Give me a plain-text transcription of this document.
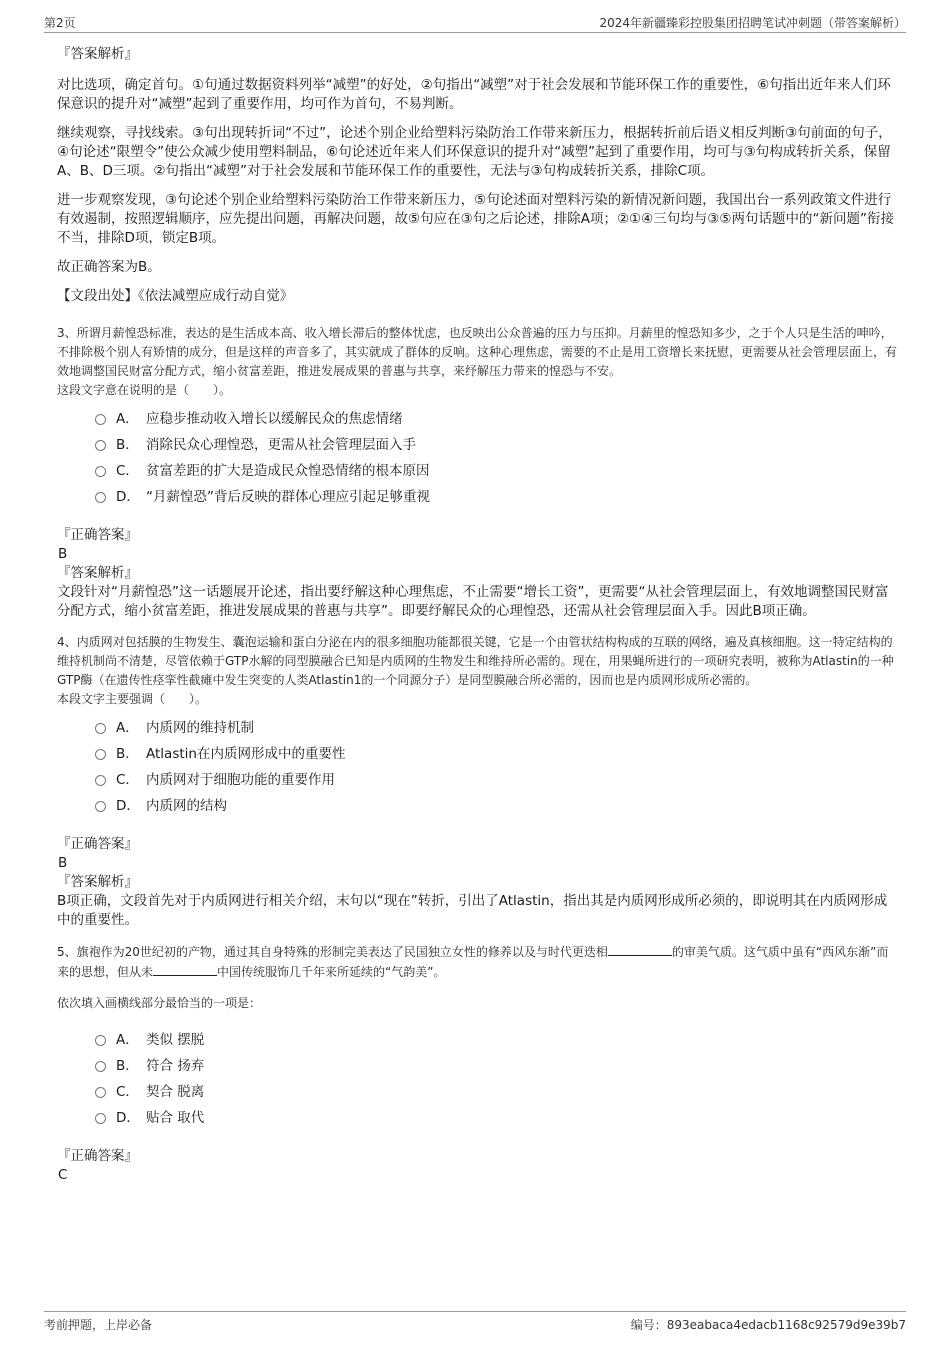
第2页	2024年新疆臻彩控股集团招聘笔试冲刺题（带答案解析）

『答案解析』

对比选项，确定首句。①句通过数据资料列举“减塑”的好处，②句指出“减塑”对于社会发展和节能环保工作的重要性，⑥句指出近年来人们环保意识的提升对“减塑”起到了重要作用，均可作为首句，不易判断。

继续观察，寻找线索。③句出现转折词“不过”，论述个别企业给塑料污染防治工作带来新压力，根据转折前后语义相反判断③句前面的句子，④句论述“限塑令”使公众减少使用塑料制品，⑥句论述近年来人们环保意识的提升对“减塑”起到了重要作用，均可与③句构成转折关系，保留A、B、D三项。②句指出“减塑”对于社会发展和节能环保工作的重要性，无法与③句构成转折关系，排除C项。

进一步观察发现，③句论述个别企业给塑料污染防治工作带来新压力，⑤句论述面对塑料污染的新情况新问题，我国出台一系列政策文件进行有效遏制，按照逻辑顺序，应先提出问题，再解决问题，故⑤句应在③句之后论述，排除A项；②①④三句均与③⑤两句话题中的“新问题”衔接不当，排除D项，锁定B项。

故正确答案为B。

【文段出处】《依法减塑应成行动自觉》

3、所谓月薪惶恐标准，表达的是生活成本高、收入增长滞后的整体忧虑，也反映出公众普遍的压力与压抑。月薪里的惶恐知多少，之于个人只是生活的呻吟，不排除极个别人有矫情的成分，但是这样的声音多了，其实就成了群体的反响。这种心理焦虑，需要的不止是用工资增长来抚慰，更需要从社会管理层面上，有效地调整国民财富分配方式，缩小贫富差距，推进发展成果的普惠与共享，来纾解压力带来的惶恐与不安。

这段文字意在说明的是（　　）。

A． 应稳步推动收入增长以缓解民众的焦虑情绪
B． 消除民众心理惶恐，更需从社会管理层面入手
C． 贫富差距的扩大是造成民众惶恐情绪的根本原因
D． “月薪惶恐”背后反映的群体心理应引起足够重视

『正确答案』

B

『答案解析』

文段针对“月薪惶恐”这一话题展开论述，指出要纾解这种心理焦虑，不止需要“增长工资”，更需要“从社会管理层面上，有效地调整国民财富分配方式，缩小贫富差距，推进发展成果的普惠与共享”。即要纾解民众的心理惶恐，还需从社会管理层面入手。因此B项正确。

4、内质网对包括膜的生物发生、囊泡运输和蛋白分泌在内的很多细胞功能都很关键，它是一个由管状结构构成的互联的网络，遍及真核细胞。这一特定结构的维持机制尚不清楚，尽管依赖于GTP水解的同型膜融合已知是内质网的生物发生和维持所必需的。现在，用果蝇所进行的一项研究表明，被称为Atlastin的一种GTP酶（在遗传性痉挛性截瘫中发生突变的人类Atlastin1的一个同源分子）是同型膜融合所必需的，因而也是内质网形成所必需的。

本段文字主要强调（　　）。

A． 内质网的维持机制
B． Atlastin在内质网形成中的重要性
C． 内质网对于细胞功能的重要作用
D． 内质网的结构

『正确答案』

B

『答案解析』

B项正确，文段首先对于内质网进行相关介绍，末句以“现在”转折，引出了Atlastin，指出其是内质网形成所必须的，即说明其在内质网形成中的重要性。

5、旗袍作为20世纪初的产物，通过其自身特殊的形制完美表达了民国独立女性的修养以及与时代更迭相	的审美气质。这气质中虽有“西风东渐”而来的思想，但从未	中国传统服饰几千年来所延续的“气韵美”。

依次填入画横线部分最恰当的一项是：

A． 类似 摆脱
B． 符合 扬弃
C． 契合 脱离
D． 贴合 取代

『正确答案』

C

考前押题，上岸必备	编号：893eabaca4edacb1168c92579d9e39b7
